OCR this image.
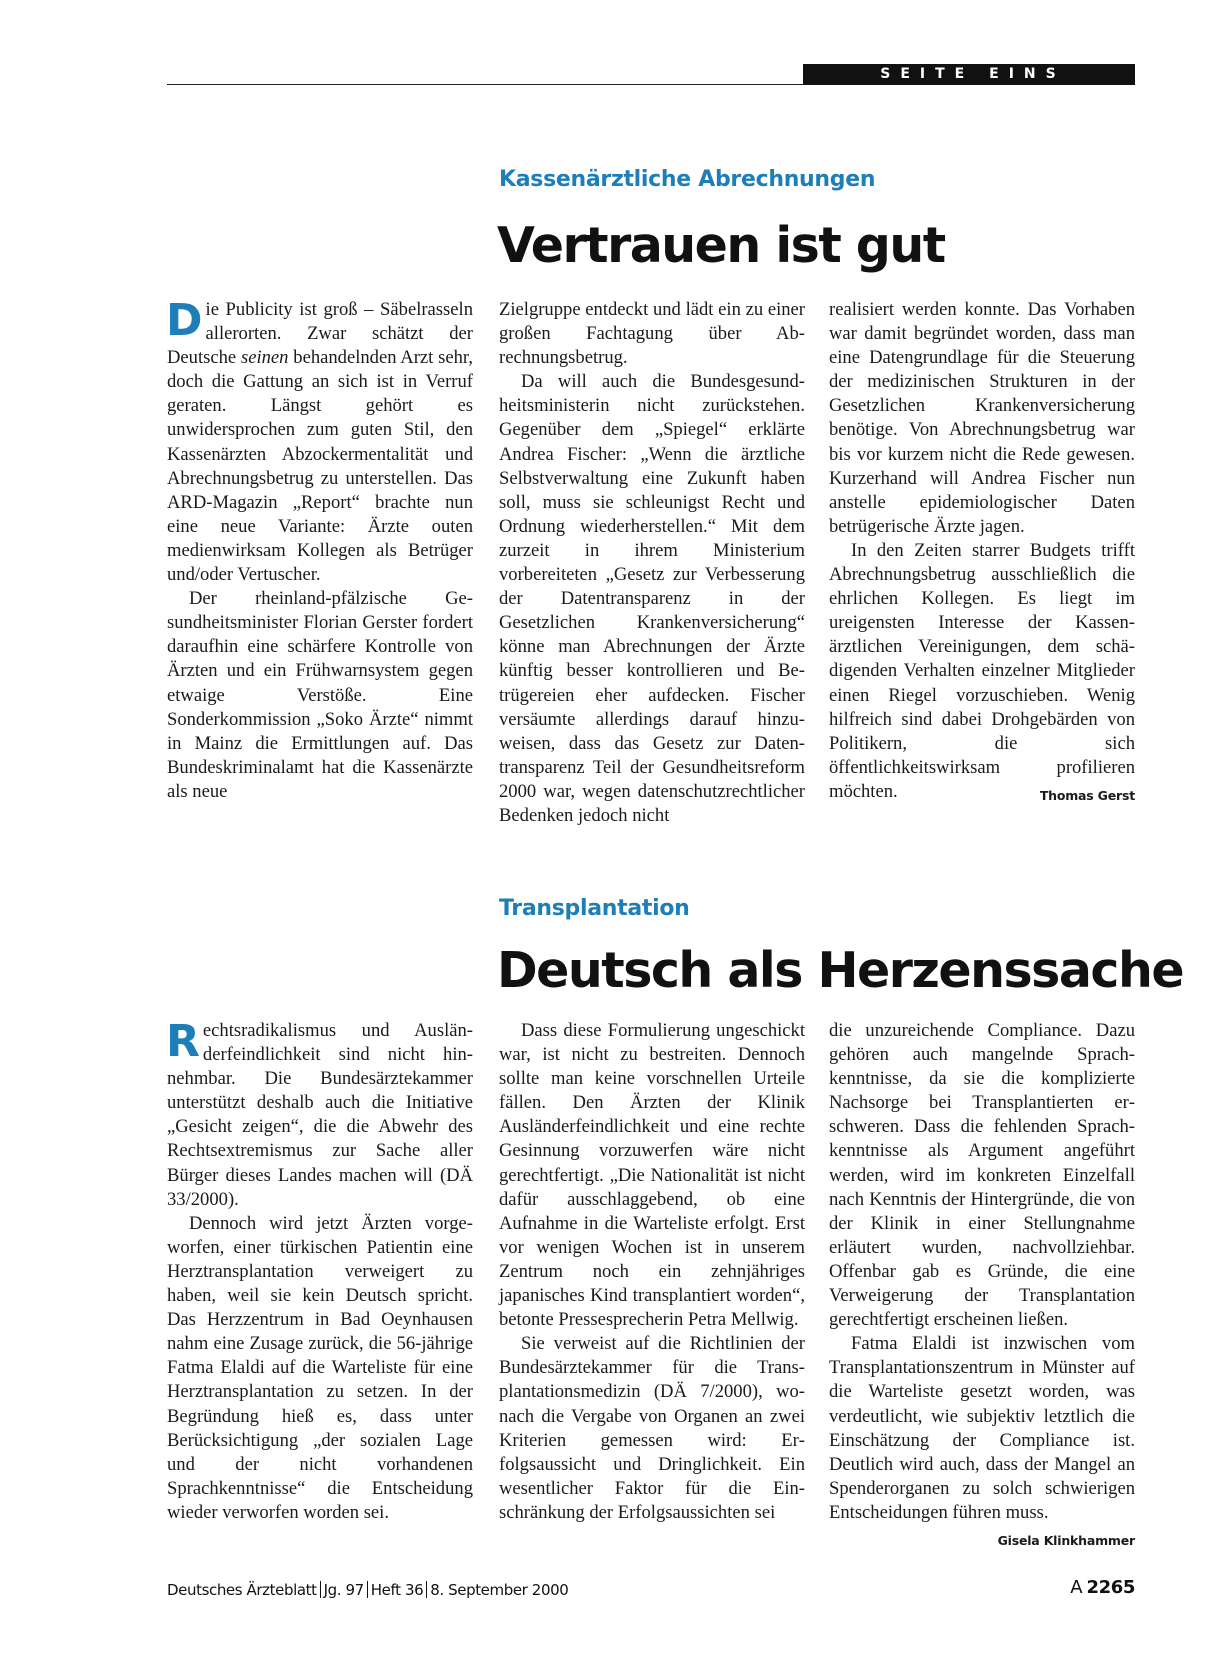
SEITE EINS
Kassenärztliche Abrechnungen
Vertrauen ist gut

Die Publicity ist groß – Säbelrasseln allerorten. Zwar schätzt der Deutsche seinen behandelnden Arzt sehr, doch die Gattung an sich ist in Verruf geraten. Längst gehört es unwidersprochen zum guten Stil, den Kassenärzten Abzockermentalität und Abrechnungsbetrug zu unterstellen. Das ARD-Magazin „Report“ brachte nun eine neue Variante: Ärzte outen medienwirksam Kollegen als Betrüger und/oder Vertuscher.

Der rheinland-pfälzische Gesundheitsminister Florian Gerster fordert daraufhin eine schärfere Kontrolle von Ärzten und ein Frühwarnsystem gegen etwaige Verstöße. Eine Sonderkommission „Soko Ärzte“ nimmt in Mainz die Ermittlungen auf. Das Bundeskriminalamt hat die Kassenärzte als neue

Zielgruppe entdeckt und lädt ein zu einer großen Fachtagung über Abrechnungsbetrug.

Da will auch die Bundesgesundheitsministerin nicht zurückstehen. Gegenüber dem „Spiegel“ erklärte Andrea Fischer: „Wenn die ärztliche Selbstverwaltung eine Zukunft haben soll, muss sie schleunigst Recht und Ordnung wiederherstellen.“ Mit dem zurzeit in ihrem Ministerium vorbereiteten „Gesetz zur Verbesserung der Datentransparenz in der Gesetzlichen Krankenversicherung“ könne man Abrechnungen der Ärzte künftig besser kontrollieren und Betrügereien eher aufdecken. Fischer versäumte allerdings darauf hinzuweisen, dass das Gesetz zur Datentransparenz Teil der Gesundheitsreform 2000 war, wegen datenschutzrechtlicher Bedenken jedoch nicht

realisiert werden konnte. Das Vorhaben war damit begründet worden, dass man eine Datengrundlage für die Steuerung der medizinischen Strukturen in der Gesetzlichen Krankenversicherung benötige. Von Abrechnungsbetrug war bis vor kurzem nicht die Rede gewesen. Kurzerhand will Andrea Fischer nun anstelle epidemiologischer Daten betrügerische Ärzte jagen.

In den Zeiten starrer Budgets trifft Abrechnungsbetrug ausschließlich die ehrlichen Kollegen. Es liegt im ureigensten Interesse der Kassenärztlichen Vereinigungen, dem schädigenden Verhalten einzelner Mitglieder einen Riegel vorzuschieben. Wenig hilfreich sind dabei Drohgebärden von Politikern, die sich öffentlichkeitswirksam profilieren möchten.	Thomas Gerst

Transplantation
Deutsch als Herzenssache

Rechtsradikalismus und Ausländerfeindlichkeit sind nicht hinnehmbar. Die Bundesärztekammer unterstützt deshalb auch die Initiative „Gesicht zeigen“, die die Abwehr des Rechtsextremismus zur Sache aller Bürger dieses Landes machen will (DÄ 33/2000).

Dennoch wird jetzt Ärzten vorgeworfen, einer türkischen Patientin eine Herztransplantation verweigert zu haben, weil sie kein Deutsch spricht. Das Herzzentrum in Bad Oeynhausen nahm eine Zusage zurück, die 56-jährige Fatma Elaldi auf die Warteliste für eine Herztransplantation zu setzen. In der Begründung hieß es, dass unter Berücksichtigung „der sozialen Lage und der nicht vorhandenen Sprachkenntnisse“ die Entscheidung wieder verworfen worden sei.

Dass diese Formulierung ungeschickt war, ist nicht zu bestreiten. Dennoch sollte man keine vorschnellen Urteile fällen. Den Ärzten der Klinik Ausländerfeindlichkeit und eine rechte Gesinnung vorzuwerfen wäre nicht gerechtfertigt. „Die Nationalität ist nicht dafür ausschlaggebend, ob eine Aufnahme in die Warteliste erfolgt. Erst vor wenigen Wochen ist in unserem Zentrum noch ein zehnjähriges japanisches Kind transplantiert worden“, betonte Pressesprecherin Petra Mellwig.

Sie verweist auf die Richtlinien der Bundesärztekammer für die Transplantationsmedizin (DÄ 7/2000), wonach die Vergabe von Organen an zwei Kriterien gemessen wird: Erfolgsaussicht und Dringlichkeit. Ein wesentlicher Faktor für die Einschränkung der Erfolgsaussichten sei

die unzureichende Compliance. Dazu gehören auch mangelnde Sprachkenntnisse, da sie die komplizierte Nachsorge bei Transplantierten erschweren. Dass die fehlenden Sprachkenntnisse als Argument angeführt werden, wird im konkreten Einzelfall nach Kenntnis der Hintergründe, die von der Klinik in einer Stellungnahme erläutert wurden, nachvollziehbar. Offenbar gab es Gründe, die eine Verweigerung der Transplantation gerechtfertigt erscheinen ließen.

Fatma Elaldi ist inzwischen vom Transplantationszentrum in Münster auf die Warteliste gesetzt worden, was verdeutlicht, wie subjektiv letztlich die Einschätzung der Compliance ist. Deutlich wird auch, dass der Mangel an Spenderorganen zu solch schwierigen Entscheidungen führen muss.
Gisela Klinkhammer

Deutsches Ärzteblatt Jg. 97 Heft 36 8. September 2000	A 2265
